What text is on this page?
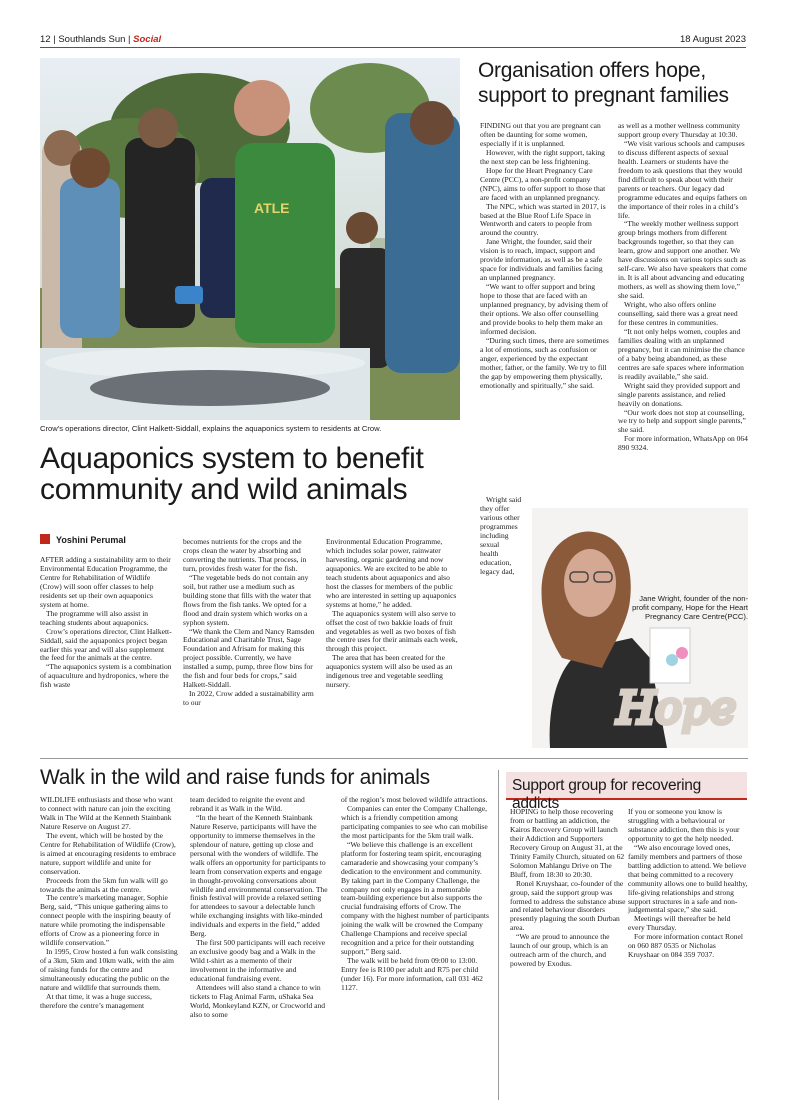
12 | Southlands Sun | Social	18 August 2023
ATLE
Crow’s operations director, Clint Halkett-Siddall, explains the aquaponics system to residents at Crow.
Aquaponics system to benefit community and wild animals
Yoshini Perumal

AFTER adding a sustainability arm to their Environmental Education Programme, the Centre for Rehabilitation of Wildlife (Crow) will soon offer classes to help residents set up their own aquaponics system at home.

The programme will also assist in teaching students about aquaponics.

Crow’s operations director, Clint Halkett-Siddall, said the aquaponics project began earlier this year and will also supplement the feed for the animals at the centre.

“The aquaponics system is a combination of aquaculture and hydroponics, where the fish waste

becomes nutrients for the crops and the crops clean the water by absorbing and converting the nutrients. That process, in turn, provides fresh water for the fish.

“The vegetable beds do not contain any soil, but rather use a medium such as building stone that fills with the water that flows from the fish tanks. We opted for a flood and drain system which works on a syphon system.

“We thank the Clem and Nancy Ramsden Educational and Charitable Trust, Sage Foundation and Afrisam for making this project possible. Currently, we have installed a sump, pump, three flow bins for the fish and four beds for crops,” said Halkett-Siddall.

In 2022, Crow added a sustainability arm to our

Environmental Education Programme, which includes solar power, rainwater harvesting, organic gardening and now aquaponics. We are excited to be able to teach students about aquaponics and also host the classes for members of the public who are interested in setting up aquaponics systems at home,” he added.

The aquaponics system will also serve to offset the cost of two bakkie loads of fruit and vegetables as well as two boxes of fish the centre uses for their animals each week, through this project.

The area that has been created for the aquaponics system will also be used as an indigenous tree and vegetable seedling nursery.

Organisation offers hope, support to pregnant families

FINDING out that you are pregnant can often be daunting for some women, especially if it is unplanned.

However, with the right support, taking the next step can be less frightening.

Hope for the Heart Pregnancy Care Centre (PCC), a non-profit company (NPC), aims to offer support to those that are faced with an unplanned pregnancy.

The NPC, which was started in 2017, is based at the Blue Roof Life Space in Wentworth and caters to people from around the country.

Jane Wright, the founder, said their vision is to reach, impact, support and provide information, as well as be a safe space for individuals and families facing an unplanned pregnancy.

“We want to offer support and bring hope to those that are faced with an unplanned pregnancy, by advising them of their options. We also offer counselling and provide books to help them make an informed decision.

“During such times, there are sometimes a lot of emotions, such as confusion or anger, experienced by the expectant mother, father, or the family. We try to fill the gap by empowering them physically, emotionally and spiritually,” she said.

Wright said
they offer
various other
programmes
including
sexual
health
education,
legacy dad,

as well as a mother wellness community support group every Thursday at 10:30.

“We visit various schools and campuses to discuss different aspects of sexual health. Learners or students have the freedom to ask questions that they would find difficult to speak about with their parents or teachers. Our legacy dad programme educates and equips fathers on the importance of their roles in a child’s life.

“The weekly mother wellness support group brings mothers from different backgrounds together, so that they can learn, grow and support one another. We have discussions on various topics such as self-care. We also have speakers that come in. It is all about advancing and educating mothers, as well as showing them love,” she said.

Wright, who also offers online counselling, said there was a great need for these centres in communities.

“It not only helps women, couples and families dealing with an unplanned pregnancy, but it can minimise the chance of a baby being abandoned, as these centres are safe spaces where information is readily available,” she said.

Wright said they provided support and single parents assistance, and relied heavily on donations.

“Our work does not stop at counselling, we try to help and support single parents,” she said.

For more information, WhatsApp on 064 890 9324.

Hope
Jane Wright, founder of the non-profit company, Hope for the Heart Pregnancy Care Centre(PCC).
Walk in the wild and raise funds for animals

WILDLIFE enthusiasts and those who want to connect with nature can join the exciting Walk in The Wild at the Kenneth Stainbank Nature Reserve on August 27.

The event, which will be hosted by the Centre for Rehabilitation of Wildlife (Crow), is aimed at encouraging residents to embrace nature, support wildlife and unite for conservation.

Proceeds from the 5km fun walk will go towards the animals at the centre.

The centre’s marketing manager, Sophie Berg, said, “This unique gathering aims to connect people with the inspiring beauty of nature while promoting the indispensable efforts of Crow as a pioneering force in wildlife conservation.”

In 1995, Crow hosted a fun walk consisting of a 3km, 5km and 10km walk, with the aim of raising funds for the centre and simultaneously educating the public on the nature and wildlife that surrounds them.

At that time, it was a huge success, therefore the centre’s management

team decided to reignite the event and rebrand it as Walk in the Wild.

“In the heart of the Kenneth Stainbank Nature Reserve, participants will have the opportunity to immerse themselves in the splendour of nature, getting up close and personal with the wonders of wildlife. The walk offers an opportunity for participants to learn from conservation experts and engage in thought-provoking conversations about wildlife and environmental conservation. The finish festival will provide a relaxed setting for attendees to savour a delectable lunch while exchanging insights with like-minded individuals and experts in the field,” added Berg.

The first 500 participants will each receive an exclusive goody bag and a Walk in the Wild t-shirt as a memento of their involvement in the informative and educational fundraising event.

Attendees will also stand a chance to win tickets to Flag Animal Farm, uShaka Sea World, Monkeyland KZN, or Crocworld and also to some

of the region’s most beloved wildlife attractions.

Companies can enter the Company Challenge, which is a friendly competition among participating companies to see who can mobilise the most participants for the 5km trail walk.

“We believe this challenge is an excellent platform for fostering team spirit, encouraging camaraderie and showcasing your company’s dedication to the environment and community. By taking part in the Company Challenge, the company not only engages in a memorable team-building experience but also supports the crucial fundraising efforts of Crow. The company with the highest number of participants joining the walk will be crowned the Company Challenge Champions and receive special recognition and a price for their outstanding support,” Berg said.

The walk will be held from 09:00 to 13:00. Entry fee is R100 per adult and R75 per child (under 16). For more information, call 031 462 1127.

Support group for recovering addicts

HOPING to help those recovering from or battling an addiction, the Kairos Recovery Group will launch their Addiction and Supporters Recovery Group on August 31, at the Trinity Family Church, situated on 62 Solomon Mahlangu Drive on The Bluff, from 18:30 to 20:30.

Ronel Kruyshaar, co-founder of the group, said the support group was formed to address the substance abuse and related behaviour disorders presently plaguing the south Durban area.

“We are proud to announce the launch of our group, which is an outreach arm of the church, and powered by Exodus.

If you or someone you know is struggling with a behavioural or substance addiction, then this is your opportunity to get the help needed.

“We also encourage loved ones, family members and partners of those battling addiction to attend. We believe that being committed to a recovery community allows one to build healthy, life-giving relationships and strong support structures in a safe and non-judgemental space,” she said.

Meetings will thereafter be held every Thursday.

For more information contact Ronel on 060 887 0535 or Nicholas Kruyshaar on 084 359 7037.
